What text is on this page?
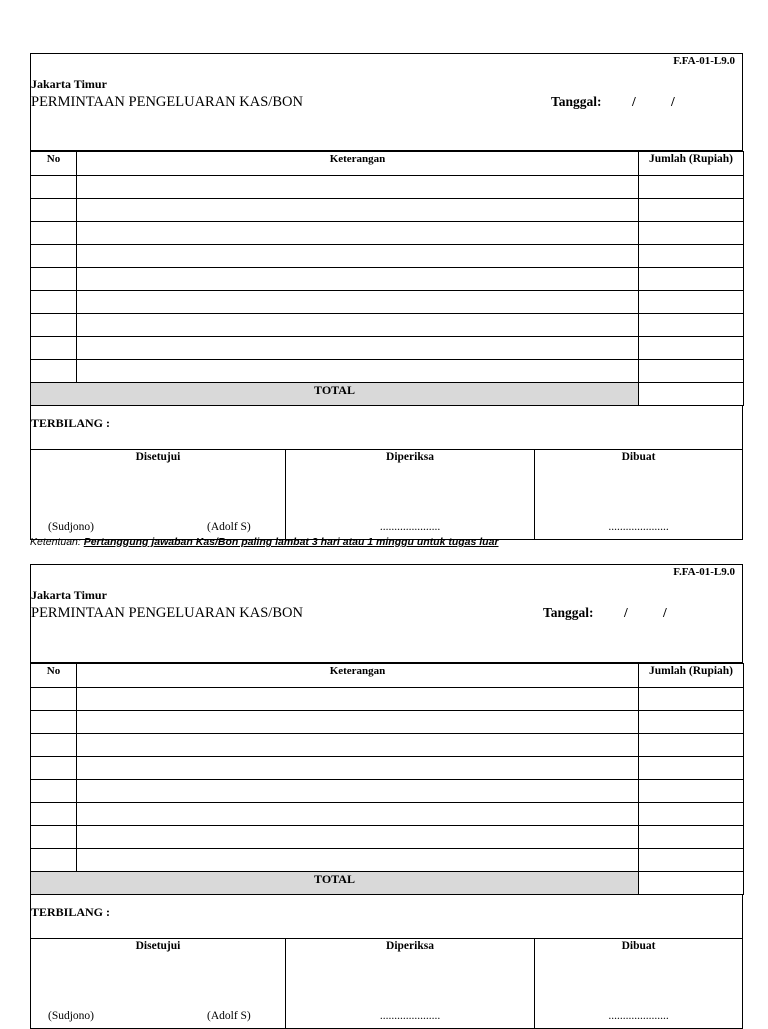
F.FA-01-L9.0
Jakarta Timur
PERMINTAAN PENGELUARAN KAS/BON	Tanggal: /	/
No	Keterangan	Jumlah (Rupiah)

TOTAL		
TERBILANG :
Disetujui
(Sudjono)	(Adolf S)
Diperiksa
.....................
Dibuat
.....................
Ketentuan: Pertanggung jawaban Kas/Bon paling lambat 3 hari atau 1 minggu untuk tugas luar
F.FA-01-L9.0
Jakarta Timur
PERMINTAAN PENGELUARAN KAS/BON	Tanggal: /	/
No	Keterangan	Jumlah (Rupiah)

TOTAL		
TERBILANG :
Disetujui
(Sudjono)	(Adolf S)
Diperiksa
.....................
Dibuat
.....................
